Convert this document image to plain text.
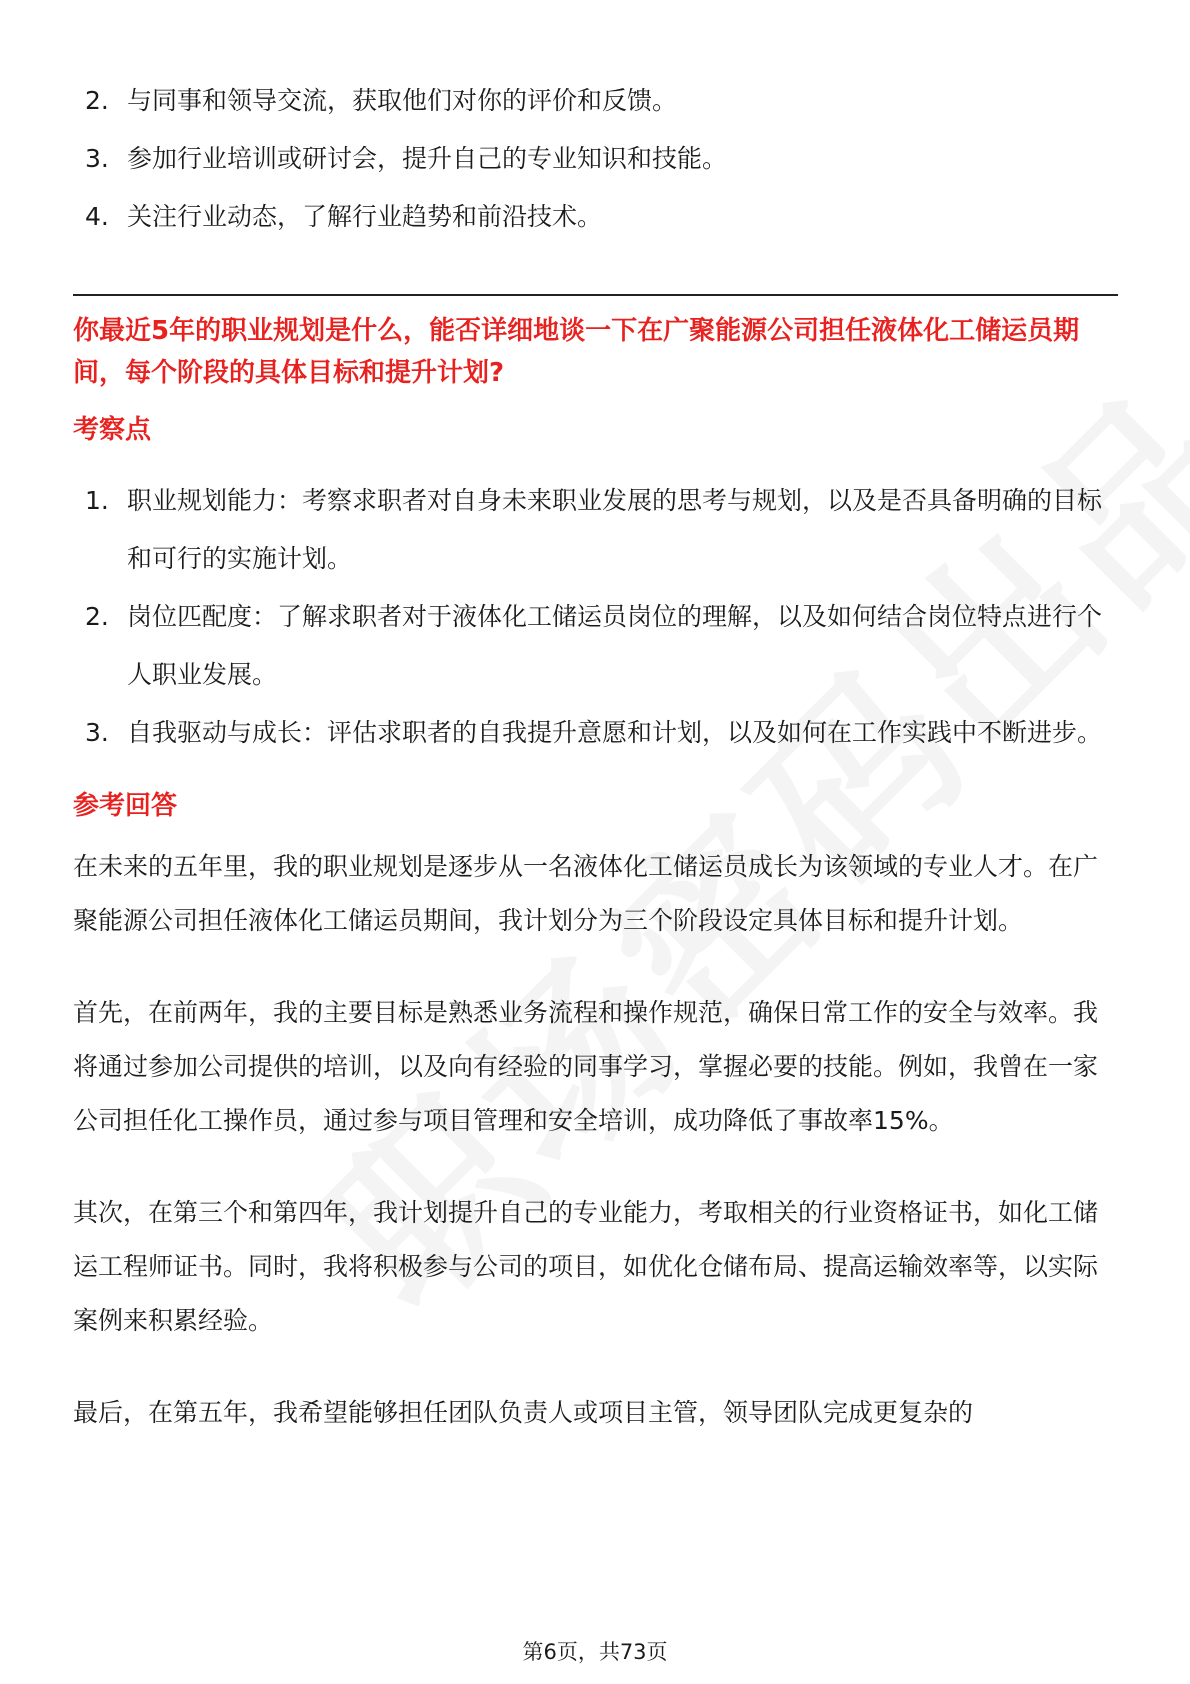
2. 与同事和领导交流，获取他们对你的评价和反馈。
3. 参加行业培训或研讨会，提升自己的专业知识和技能。
4. 关注行业动态，了解行业趋势和前沿技术。

你最近5年的职业规划是什么，能否详细地谈一下在广聚能源公司担任液体化工储运员期间，每个阶段的具体目标和提升计划?

考察点
1. 职业规划能力：考察求职者对自身未来职业发展的思考与规划，以及是否具备明确的目标和可行的实施计划。
2. 岗位匹配度：了解求职者对于液体化工储运员岗位的理解，以及如何结合岗位特点进行个人职业发展。
3. 自我驱动与成长：评估求职者的自我提升意愿和计划，以及如何在工作实践中不断进步。
参考回答

在未来的五年里，我的职业规划是逐步从一名液体化工储运员成长为该领域的专业人才。在广聚能源公司担任液体化工储运员期间，我计划分为三个阶段设定具体目标和提升计划。

首先，在前两年，我的主要目标是熟悉业务流程和操作规范，确保日常工作的安全与效率。我将通过参加公司提供的培训，以及向有经验的同事学习，掌握必要的技能。例如，我曾在一家公司担任化工操作员，通过参与项目管理和安全培训，成功降低了事故率15%。

其次，在第三个和第四年，我计划提升自己的专业能力，考取相关的行业资格证书，如化工储运工程师证书。同时，我将积极参与公司的项目，如优化仓储布局、提高运输效率等，以实际案例来积累经验。

最后，在第五年，我希望能够担任团队负责人或项目主管，领导团队完成更复杂的

第6页，共73页
